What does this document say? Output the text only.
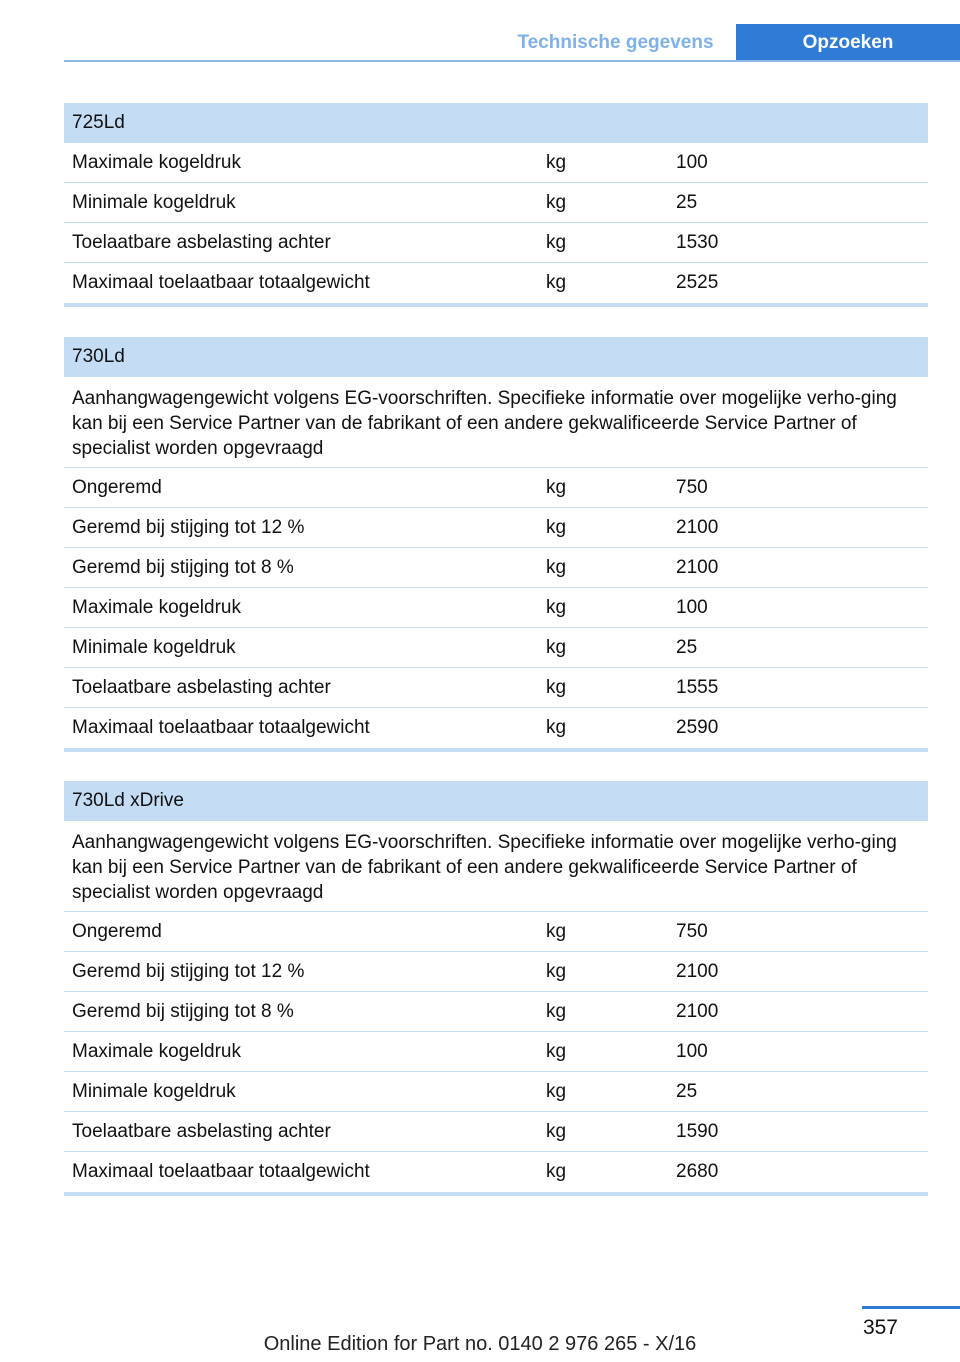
Technische gegevens	Opzoeken
725Ld
Maximale kogeldruk	kg	100
Minimale kogeldruk	kg	25
Toelaatbare asbelasting achter	kg	1530
Maximaal toelaatbaar totaalgewicht	kg	2525
730Ld
Aanhangwagengewicht volgens EG-voorschriften. Specifieke informatie over mogelijke verho-ging kan bij een Service Partner van de fabrikant of een andere gekwalificeerde Service Partner of specialist worden opgevraagd
Ongeremd	kg	750
Geremd bij stijging tot 12 %	kg	2100
Geremd bij stijging tot 8 %	kg	2100
Maximale kogeldruk	kg	100
Minimale kogeldruk	kg	25
Toelaatbare asbelasting achter	kg	1555
Maximaal toelaatbaar totaalgewicht	kg	2590
730Ld xDrive
Aanhangwagengewicht volgens EG-voorschriften. Specifieke informatie over mogelijke verho-ging kan bij een Service Partner van de fabrikant of een andere gekwalificeerde Service Partner of specialist worden opgevraagd
Ongeremd	kg	750
Geremd bij stijging tot 12 %	kg	2100
Geremd bij stijging tot 8 %	kg	2100
Maximale kogeldruk	kg	100
Minimale kogeldruk	kg	25
Toelaatbare asbelasting achter	kg	1590
Maximaal toelaatbaar totaalgewicht	kg	2680
357
Online Edition for Part no. 0140 2 976 265 - X/16
